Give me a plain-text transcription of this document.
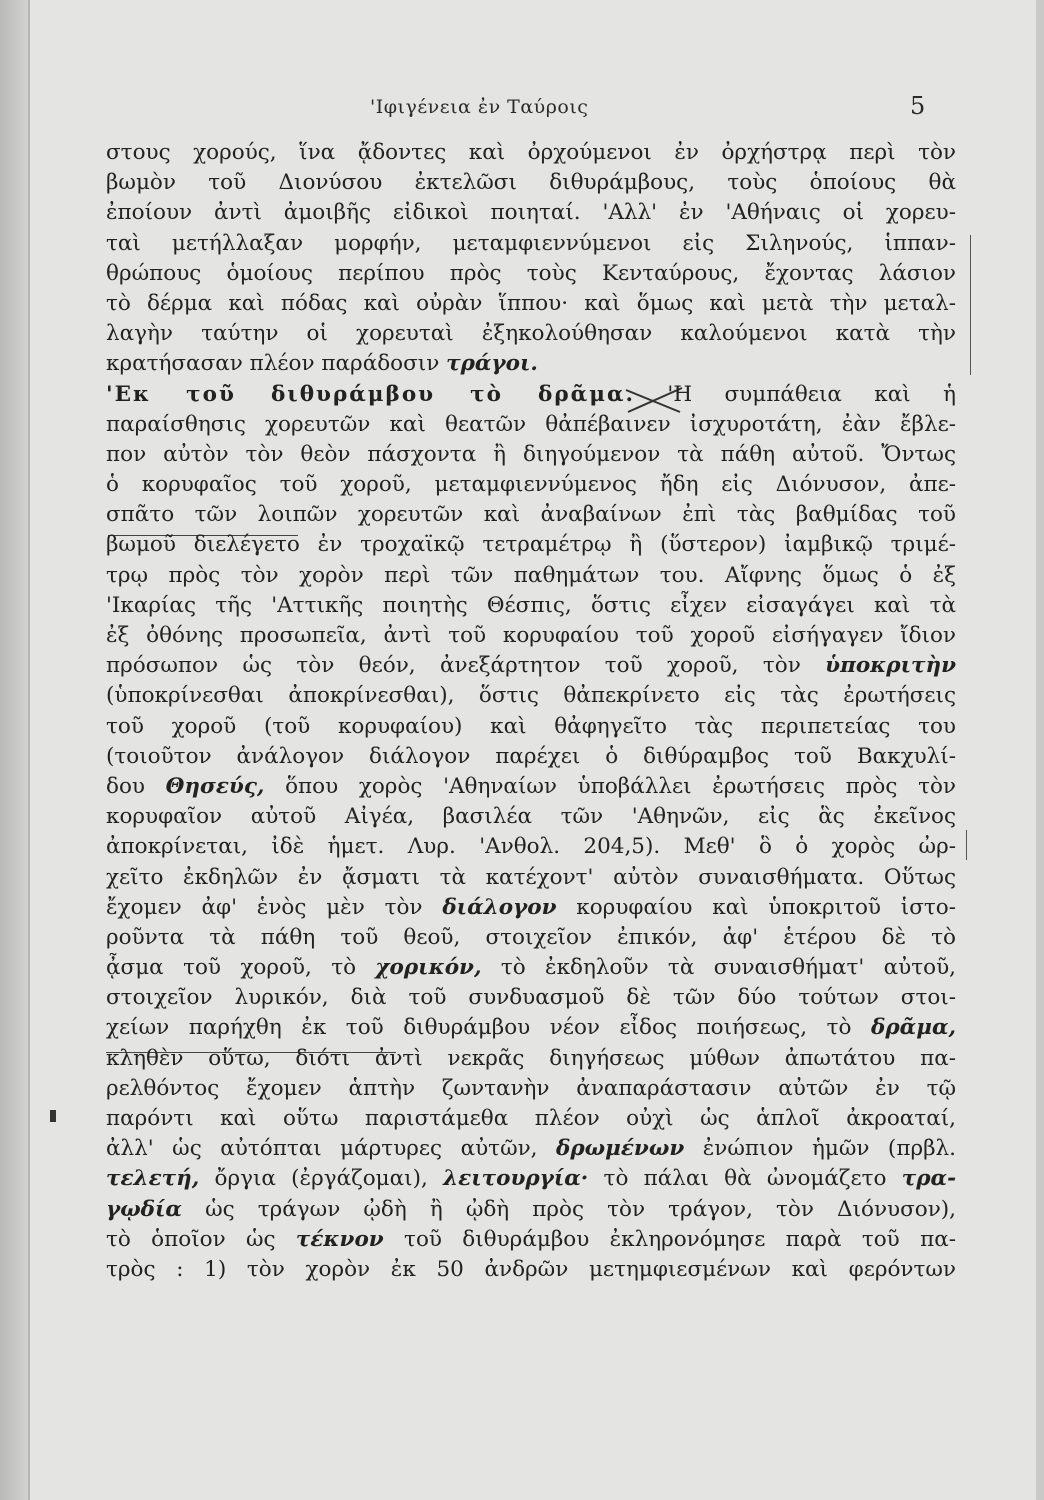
'Ιφιγένεια ἐν Ταύροις	5
στους χορούς, ἵνα ᾄδοντες καὶ ὀρχούμενοι ἐν ὀρχήστρᾳ περὶ τὸν
βωμὸν τοῦ Διονύσου ἐκτελῶσι διθυράμβους, τοὺς ὁποίους θὰ
ἐποίουν ἀντὶ ἀμοιβῆς εἰδικοὶ ποιηταί. 'Αλλ' ἐν 'Αθήναις οἱ χορευ-
ταὶ μετήλλαξαν μορφήν, μεταμφιεννύμενοι εἰς Σιληνούς, ἱππαν-
θρώπους ὁμοίους περίπου πρὸς τοὺς Κενταύρους, ἔχοντας λάσιον
τὸ δέρμα καὶ πόδας καὶ οὐρὰν ἵππου· καὶ ὅμως καὶ μετὰ τὴν μεταλ-
λαγὴν ταύτην οἱ χορευταὶ ἐξηκολούθησαν καλούμενοι κατὰ τὴν
κρατήσασαν πλέον παράδοσιν τράγοι.
'Εκ τοῦ διθυράμβου τὸ δρᾶμα. 'Η συμπάθεια καὶ ἡ
παραίσθησις χορευτῶν καὶ θεατῶν θἀπέβαινεν ἰσχυροτάτη, ἐὰν ἔβλε-
πον αὐτὸν τὸν θεὸν πάσχοντα ἢ διηγούμενον τὰ πάθη αὐτοῦ. Ὄντως
ὁ κορυφαῖος τοῦ χοροῦ, μεταμφιεννύμενος ἤδη εἰς Διόνυσον, ἀπε-
σπᾶτο τῶν λοιπῶν χορευτῶν καὶ ἀναβαίνων ἐπὶ τὰς βαθμίδας τοῦ
βωμοῦ διελέγετο ἐν τροχαϊκῷ τετραμέτρῳ ἢ (ὕστερον) ἰαμβικῷ τριμέ-
τρῳ πρὸς τὸν χορὸν περὶ τῶν παθημάτων του. Αἴφνης ὅμως ὁ ἐξ
'Ικαρίας τῆς 'Αττικῆς ποιητὴς Θέσπις, ὅστις εἶχεν εἰσαγάγει καὶ τὰ
ἐξ ὀθόνης προσωπεῖα, ἀντὶ τοῦ κορυφαίου τοῦ χοροῦ εἰσήγαγεν ἴδιον
πρόσωπον ὡς τὸν θεόν, ἀνεξάρτητον τοῦ χοροῦ, τὸν ὑποκριτὴν
(ὑποκρίνεσθαι ἀποκρίνεσθαι), ὅστις θἀπεκρίνετο εἰς τὰς ἐρωτήσεις
τοῦ χοροῦ (τοῦ κορυφαίου) καὶ θἀφηγεῖτο τὰς περιπετείας του
(τοιοῦτον ἀνάλογον διάλογον παρέχει ὁ διθύραμβος τοῦ Βακχυλί-
δου Θησεύς, ὅπου χορὸς 'Αθηναίων ὑποβάλλει ἐρωτήσεις πρὸς τὸν
κορυφαῖον αὐτοῦ Αἰγέα, βασιλέα τῶν 'Αθηνῶν, εἰς ἃς ἐκεῖνος
ἀποκρίνεται, ἰδὲ ἡμετ. Λυρ. 'Ανθολ. 204,5). Μεθ' ὃ ὁ χορὸς ὠρ-
χεῖτο ἐκδηλῶν ἐν ᾄσματι τὰ κατέχοντ' αὐτὸν συναισθήματα. Οὕτως
ἔχομεν ἀφ' ἑνὸς μὲν τὸν διάλογον κορυφαίου καὶ ὑποκριτοῦ ἱστο-
ροῦντα τὰ πάθη τοῦ θεοῦ, στοιχεῖον ἐπικόν, ἀφ' ἑτέρου δὲ τὸ
ᾆσμα τοῦ χοροῦ, τὸ χορικόν, τὸ ἐκδηλοῦν τὰ συναισθήματ' αὐτοῦ,
στοιχεῖον λυρικόν, διὰ τοῦ συνδυασμοῦ δὲ τῶν δύο τούτων στοι-
χείων παρήχθη ἐκ τοῦ διθυράμβου νέον εἶδος ποιήσεως, τὸ δρᾶμα,
κληθὲν οὕτω, διότι ἀντὶ νεκρᾶς διηγήσεως μύθων ἀπωτάτου πα-
ρελθόντος ἔχομεν ἁπτὴν ζωντανὴν ἀναπαράστασιν αὐτῶν ἐν τῷ
παρόντι καὶ οὕτω παριστάμεθα πλέον οὐχὶ ὡς ἁπλοῖ ἀκροαταί,
ἀλλ' ὡς αὐτόπται μάρτυρες αὐτῶν, δρωμένων ἐνώπιον ἡμῶν (πρβλ.
τελετή, ὄργια (ἐργάζομαι), λειτουργία· τὸ πάλαι θὰ ὠνομάζετο τρα-
γῳδία ὡς τράγων ᾠδὴ ἢ ᾠδὴ πρὸς τὸν τράγον, τὸν Διόνυσον),
τὸ ὁποῖον ὡς τέκνον τοῦ διθυράμβου ἐκληρονόμησε παρὰ τοῦ πα-
τρὸς : 1) τὸν χορὸν ἐκ 50 ἀνδρῶν μετημφιεσμένων καὶ φερόντων
